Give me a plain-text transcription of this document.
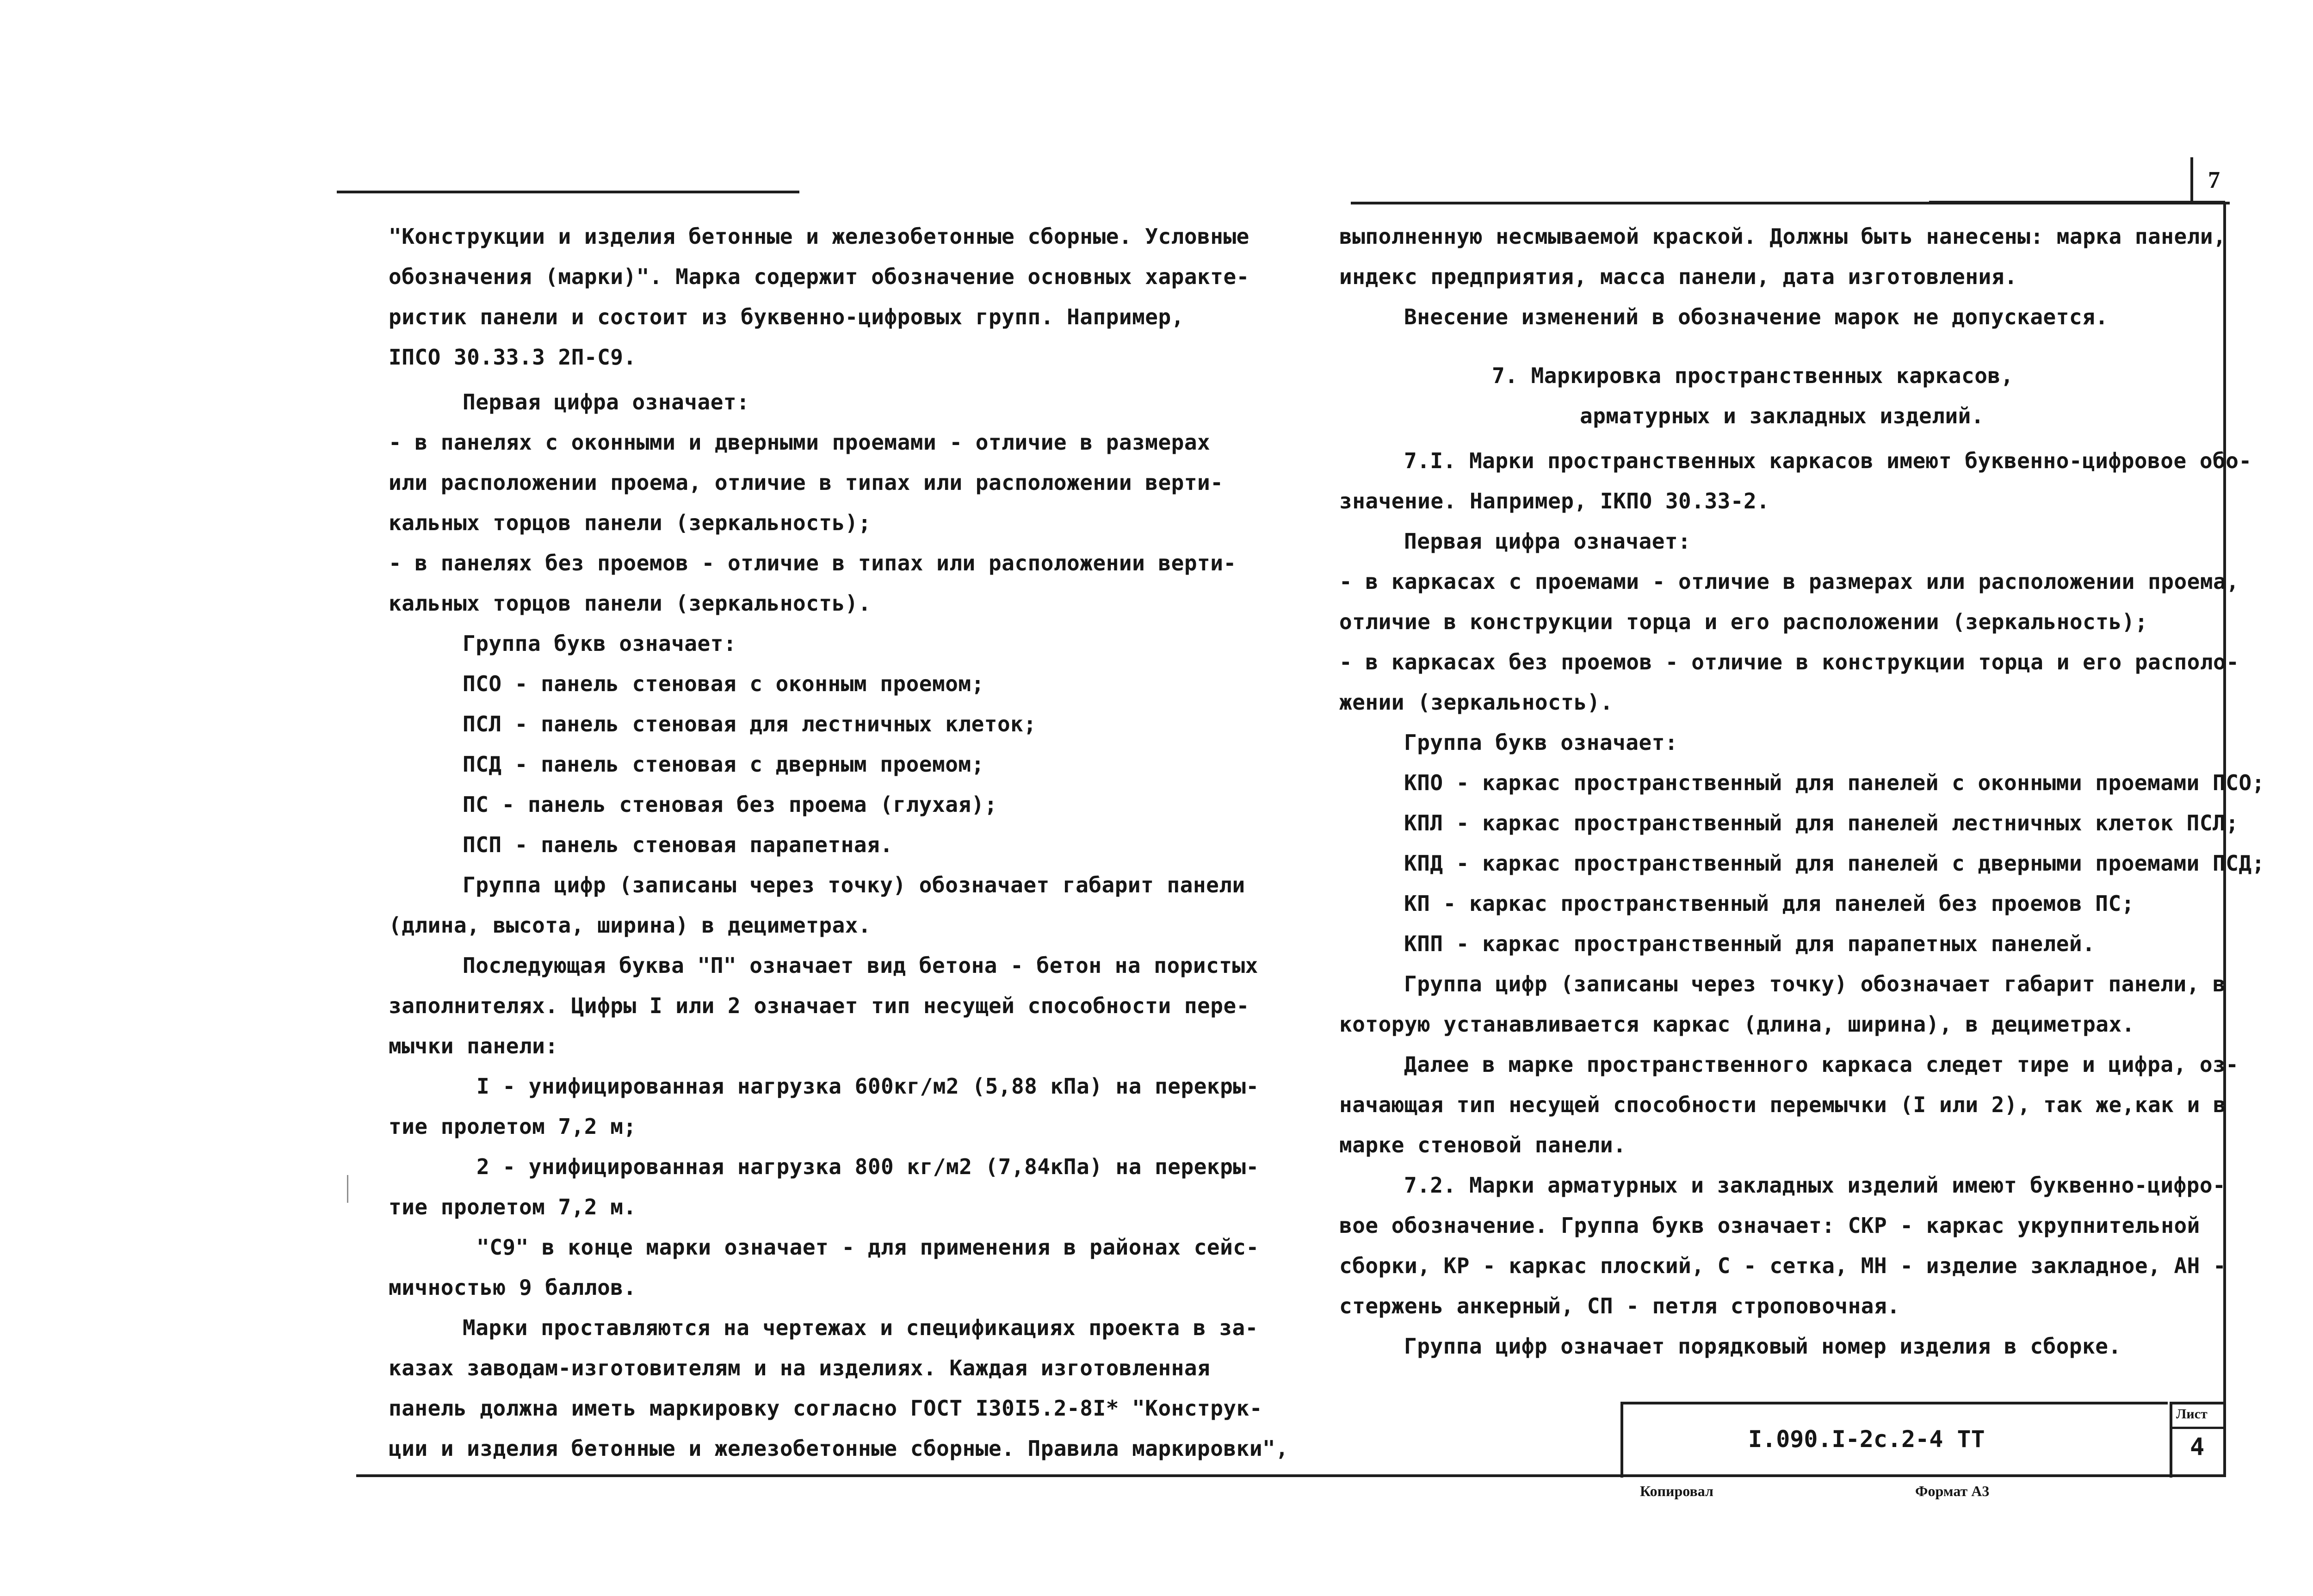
7

"Конструкции и изделия бетонные и железобетонные сборные. Условные

обозначения (марки)". Марка содержит обозначение основных характе-

ристик панели и состоит из буквенно-цифровых групп. Например,

IПСО 30.33.3 2П-С9.

Первая цифра означает:

- в панелях с оконными и дверными проемами - отличие в размерах

или расположении проема, отличие в типах или расположении верти-

кальных торцов панели (зеркальность);

- в панелях без проемов - отличие в типах или расположении верти-

кальных торцов панели (зеркальность).

Группа букв означает:

ПСО - панель стеновая с оконным проемом;

ПСЛ - панель стеновая для лестничных клеток;

ПСД - панель стеновая с дверным проемом;

ПС - панель стеновая без проема (глухая);

ПСП - панель стеновая парапетная.

Группа цифр (записаны через точку) обозначает габарит панели

(длина, высота, ширина) в дециметрах.

Последующая буква "П" означает вид бетона - бетон на пористых

заполнителях. Цифры I или 2 означает тип несущей способности пере-

мычки панели:

I - унифицированная нагрузка 600кг/м2 (5,88 кПа) на перекры-

тие пролетом 7,2 м;

2 - унифицированная нагрузка 800 кг/м2 (7,84кПа) на перекры-

тие пролетом 7,2 м.

"С9" в конце марки означает - для применения в районах сейс-

мичностью 9 баллов.

Марки проставляются на чертежах и спецификациях проекта в за-

казах заводам-изготовителям и на изделиях. Каждая изготовленная

панель должна иметь маркировку согласно ГОСТ I30I5.2-8I* "Конструк-

ции и изделия бетонные и железобетонные сборные. Правила маркировки",

выполненную несмываемой краской. Должны быть нанесены: марка панели,

индекс предприятия, масса панели, дата изготовления.

Внесение изменений в обозначение марок не допускается.

7. Маркировка пространственных каркасов,

арматурных и закладных изделий.

7.I. Марки пространственных каркасов имеют буквенно-цифровое обо-

значение. Например, IКПО 30.33-2.

Первая цифра означает:

- в каркасах с проемами - отличие в размерах или расположении проема,

отличие в конструкции торца и его расположении (зеркальность);

- в каркасах без проемов - отличие в конструкции торца и его располо-

жении (зеркальность).

Группа букв означает:

КПО - каркас пространственный для панелей с оконными проемами ПСО;

КПЛ - каркас пространственный для панелей лестничных клеток ПСЛ;

КПД - каркас пространственный для панелей с дверными проемами ПСД;

КП - каркас пространственный для панелей без проемов ПС;

КПП - каркас пространственный для парапетных панелей.

Группа цифр (записаны через точку) обозначает габарит панели, в

которую устанавливается каркас (длина, ширина), в дециметрах.

Далее в марке пространственного каркаса следет тире и цифра, оз-

начающая тип несущей способности перемычки (I или 2), так же,как и в

марке стеновой панели.

7.2. Марки арматурных и закладных изделий имеют буквенно-цифро-

вое обозначение. Группа букв означает: СКР - каркас укрупнительной

сборки, КР - каркас плоский, С - сетка, МН - изделие закладное, АН -

стержень анкерный, СП - петля строповочная.

Группа цифр означает порядковый номер изделия в сборке.

I.090.I-2с.2-4 ТТ
Лист
4
Копировал	Формат А3
